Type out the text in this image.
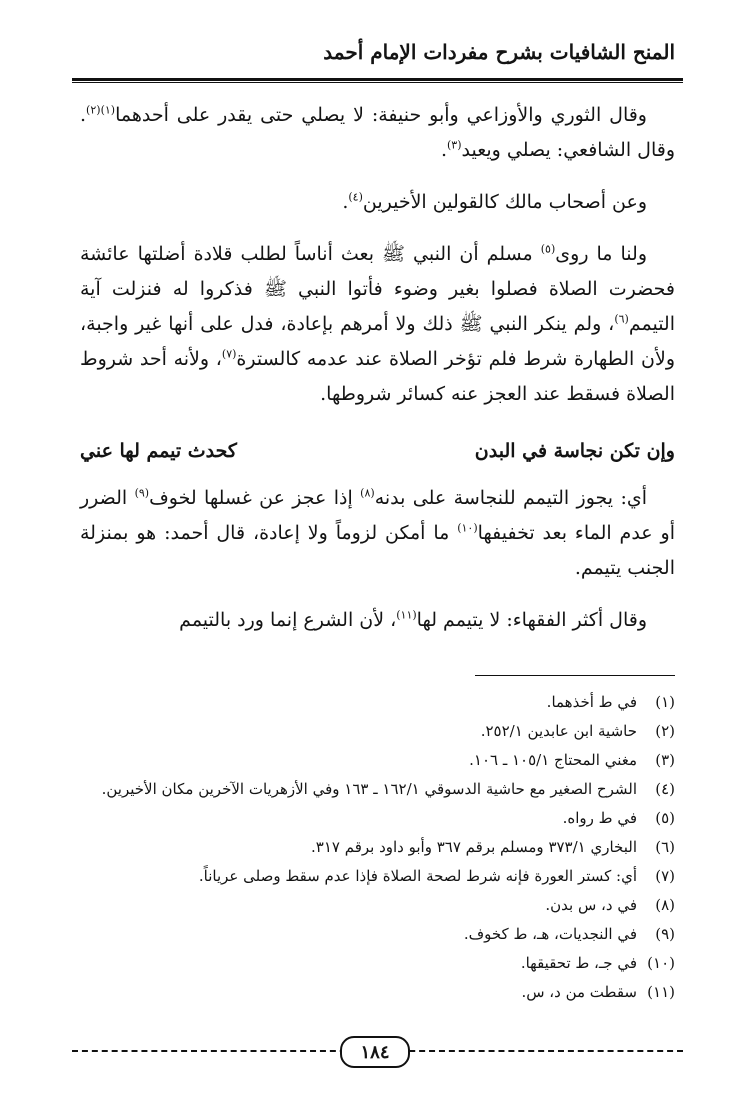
المنح الشافيات بشرح مفردات الإمام أحمد

وقال الثوري والأوزاعي وأبو حنيفة: لا يصلي حتى يقدر على أحدهما$^{(١)(٢)}$. وقال الشافعي: يصلي ويعيد$^{(٣)}$.

وعن أصحاب مالك كالقولين الأخيرين$^{(٤)}$.

ولنا ما روى$^{(٥)}$ مسلم أن النبي ﷺ بعث أناساً لطلب قلادة أضلتها عائشة فحضرت الصلاة فصلوا بغير وضوء فأتوا النبي ﷺ فذكروا له فنزلت آية التيمم$^{(٦)}$، ولم ينكر النبي ﷺ ذلك ولا أمرهم بإعادة، فدل على أنها غير واجبة، ولأن الطهارة شرط فلم تؤخر الصلاة عند عدمه كالسترة$^{(٧)}$، ولأنه أحد شروط الصلاة فسقط عند العجز عنه كسائر شروطها.

وإن تكن نجاسة في البدن
كحدث تيمم لها عني

أي: يجوز التيمم للنجاسة على بدنه$^{(٨)}$ إذا عجز عن غسلها لخوف$^{(٩)}$ الضرر أو عدم الماء بعد تخفيفها$^{(١٠)}$ ما أمكن لزوماً ولا إعادة، قال أحمد: هو بمنزلة الجنب يتيمم.

وقال أكثر الفقهاء: لا يتيمم لها$^{(١١)}$، لأن الشرع إنما ورد بالتيمم

(١)
في ط أخذهما.
(٢)
حاشية ابن عابدين ٢٥٢/١.
(٣)
مغني المحتاج ١٠٥/١ ـ ١٠٦.
(٤)
الشرح الصغير مع حاشية الدسوقي ١٦٢/١ ـ ١٦٣ وفي الأزهريات الآخرين مكان الأخيرين.
(٥)
في ط رواه.
(٦)
البخاري ٣٧٣/١ ومسلم برقم ٣٦٧ وأبو داود برقم ٣١٧.
(٧)
أي: كستر العورة فإنه شرط لصحة الصلاة فإذا عدم سقط وصلى عرياناً.
(٨)
في د، س بدن.
(٩)
في النجديات، هـ، ط كخوف.
(١٠)
في جـ، ط تحقيقها.
(١١)
سقطت من د، س.
١٨٤
